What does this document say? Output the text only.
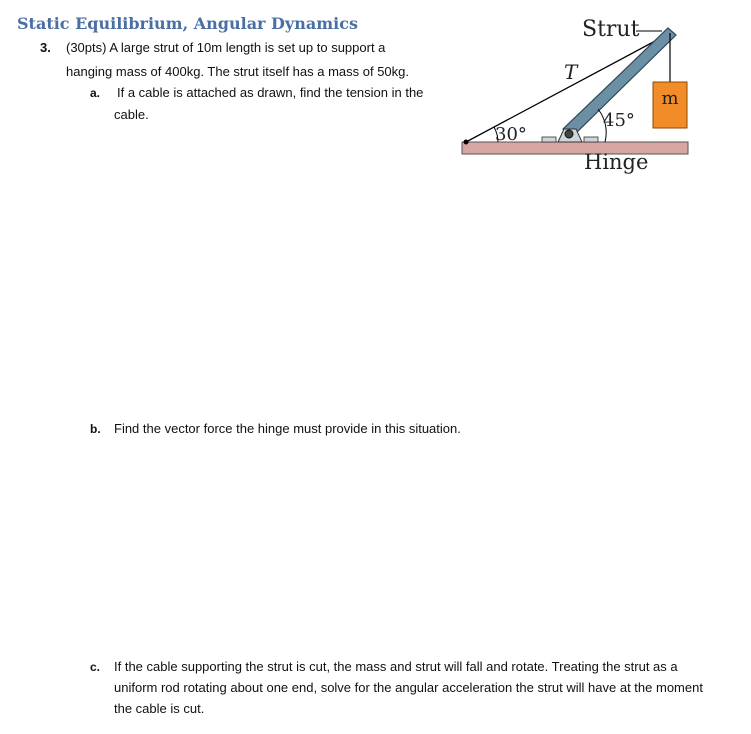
Static Equilibrium, Angular Dynamics
3. (30pts) A large strut of 10m length is set up to support a
hanging mass of 400kg. The strut itself has a mass of 50kg.
a. If a cable is attached as drawn, find the tension in the
cable.
b. Find the vector force the hinge must provide in this situation.
c. If the cable supporting the strut is cut, the mass and strut will fall and rotate. Treating the strut as a
uniform rod rotating about one end, solve for the angular acceleration the strut will have at the moment
the cable is cut.
m
Strut
T
30°
45°
Hinge
